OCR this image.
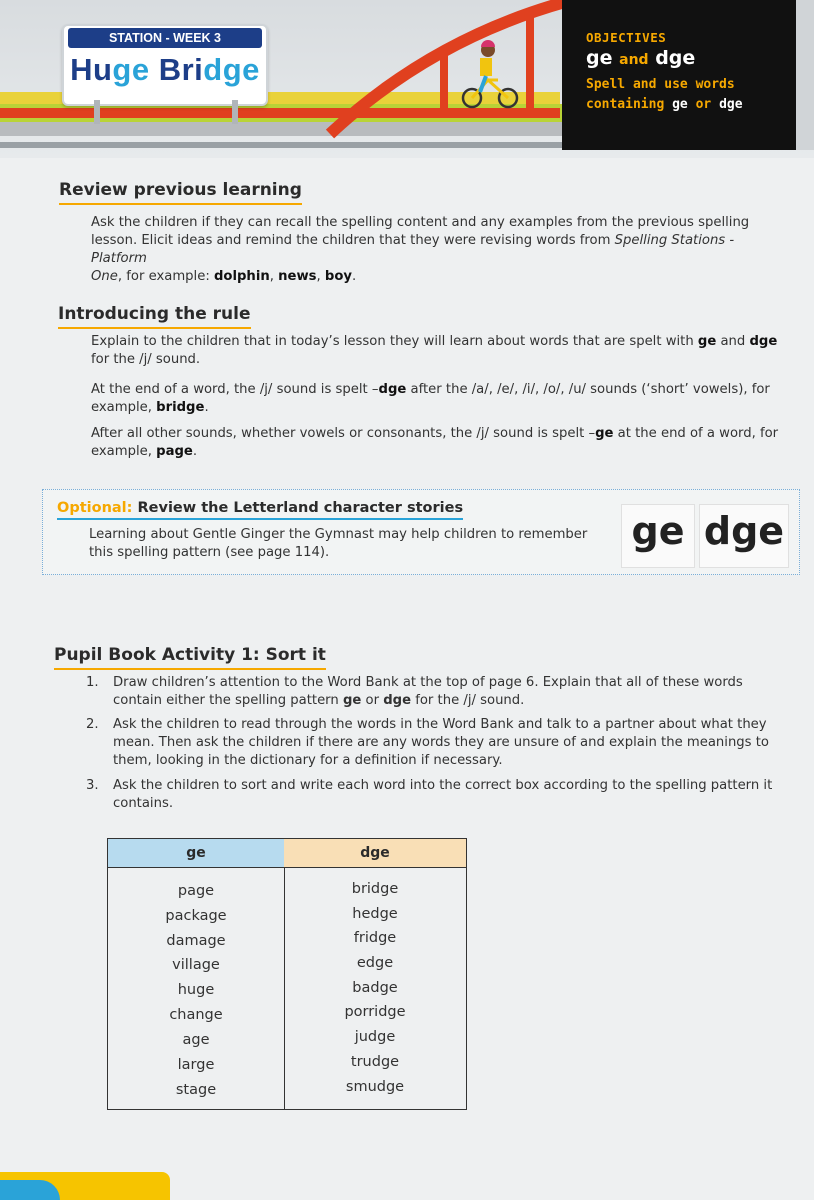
STATION - WEEK 3
Huge Bridge
OBJECTIVES
ge and dge
Spell and use words
containing ge or dge
Review previous learning

Ask the children if they can recall the spelling content and any examples from the previous spelling
lesson. Elicit ideas and remind the children that they were revising words from Spelling Stations - Platform
One, for example: dolphin, news, boy.

Introducing the rule

Explain to the children that in today’s lesson they will learn about words that are spelt with ge and dge
for the /j/ sound.

At the end of a word, the /j/ sound is spelt –dge after the /a/, /e/, /i/, /o/, /u/ sounds (‘short’ vowels), for
example, bridge.

After all other sounds, whether vowels or consonants, the /j/ sound is spelt –ge at the end of a word, for
example, page.

Optional: Review the Letterland character stories

Learning about Gentle Ginger the Gymnast may help children to remember
this spelling pattern (see page 114).	ge dge
Pupil Book Activity 1: Sort it
1. Draw children’s attention to the Word Bank at the top of page 6. Explain that all of these words
contain either the spelling pattern ge or dge for the /j/ sound.
2. Ask the children to read through the words in the Word Bank and talk to a partner about what they
mean. Then ask the children if there are any words they are unsure of and explain the meanings to
them, looking in the dictionary for a definition if necessary.
3. Ask the children to sort and write each word into the correct box according to the spelling pattern it
contains.
ge
page
package
damage
village
huge
change
age
large
stage
dge
bridge
hedge
fridge
edge
badge
porridge
judge
trudge
smudge
